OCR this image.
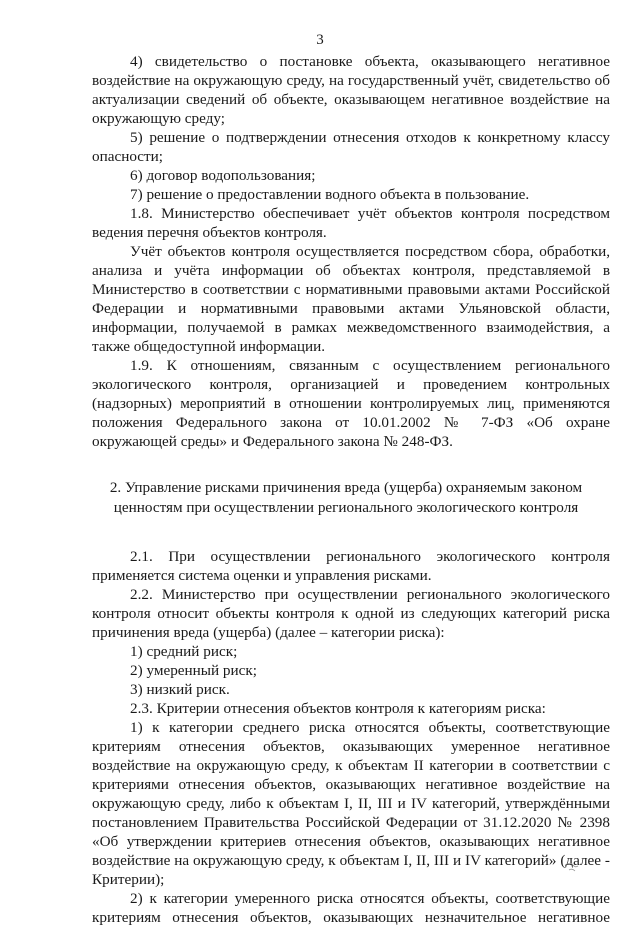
3

4) свидетельство о постановке объекта, оказывающего негативное воздействие на окружающую среду, на государственный учёт, свидетельство об актуализации сведений об объекте, оказывающем негативное воздействие на окружающую среду;

5) решение о подтверждении отнесения отходов к конкретному классу опасности;

6) договор водопользования;

7) решение о предоставлении водного объекта в пользование.

1.8. Министерство обеспечивает учёт объектов контроля посредством ведения перечня объектов контроля.

Учёт объектов контроля осуществляется посредством сбора, обработки, анализа и учёта информации об объектах контроля, представляемой в Министерство в соответствии с нормативными правовыми актами Российской Федерации и нормативными правовыми актами Ульяновской области, информации, получаемой в рамках межведомственного взаимодействия, а также общедоступной информации.

1.9. К отношениям, связанным с осуществлением регионального экологического контроля, организацией и проведением контрольных (надзорных) мероприятий в отношении контролируемых лиц, применяются положения Федерального закона от 10.01.2002 № 7-ФЗ «Об охране окружающей среды» и Федерального закона № 248-ФЗ.

2. Управление рисками причинения вреда (ущерба) охраняемым законом

ценностям при осуществлении регионального экологического контроля

2.1. При осуществлении регионального экологического контроля применяется система оценки и управления рисками.

2.2. Министерство при осуществлении регионального экологического контроля относит объекты контроля к одной из следующих категорий риска причинения вреда (ущерба) (далее – категории риска):

1) средний риск;

2) умеренный риск;

3) низкий риск.

2.3. Критерии отнесения объектов контроля к категориям риска:

1) к категории среднего риска относятся объекты, соответствующие критериям отнесения объектов, оказывающих умеренное негативное воздействие на окружающую среду, к объектам II категории в соответствии с критериями отнесения объектов, оказывающих негативное воздействие на окружающую среду, либо к объектам I, II, III и IV категорий, утверждёнными постановлением Правительства Российской Федерации от 31.12.2020 № 2398 «Об утверждении критериев отнесения объектов, оказывающих негативное воздействие на окружающую среду, к объектам I, II, III и IV категорий» (далее - Критерии);

2) к категории умеренного риска относятся объекты, соответствующие критериям отнесения объектов, оказывающих незначительное негативное
